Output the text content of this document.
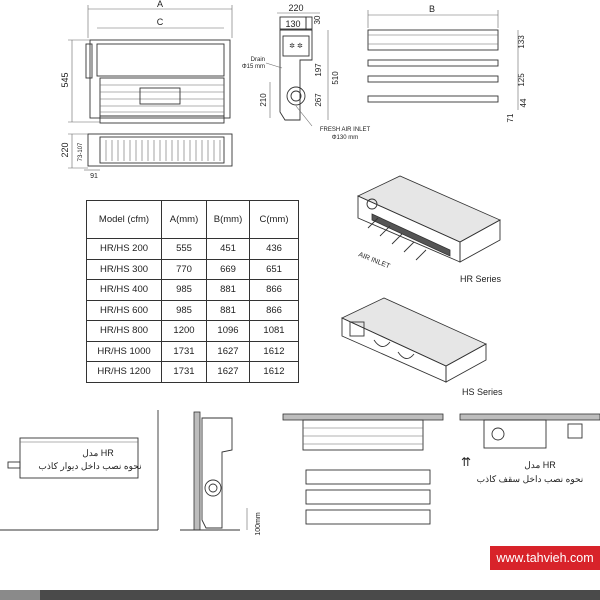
A
C
545
220 73-107
91
220
130 30
✲ ✲
197
267
510
210
Drain
Φ15 mm
FRESH AIR INLET
Φ130 mm
B
133
125
71
44
AIR INLET
HR Series
HS Series
مدل HR
نحوه نصب داخل دیوار کاذب
100mm
⇈	مدل HR
نحوه نصب داخل سقف کاذب
Model (cfm)	A(mm)	B(mm)	C(mm)
HR/HS 200	555	451	436
HR/HS 300	770	669	651
HR/HS 400	985	881	866
HR/HS 600	985	881	866
HR/HS 800	1200	1096	1081
HR/HS 1000	1731	1627	1612
HR/HS 1200	1731	1627	1612
www.tahvieh.com
